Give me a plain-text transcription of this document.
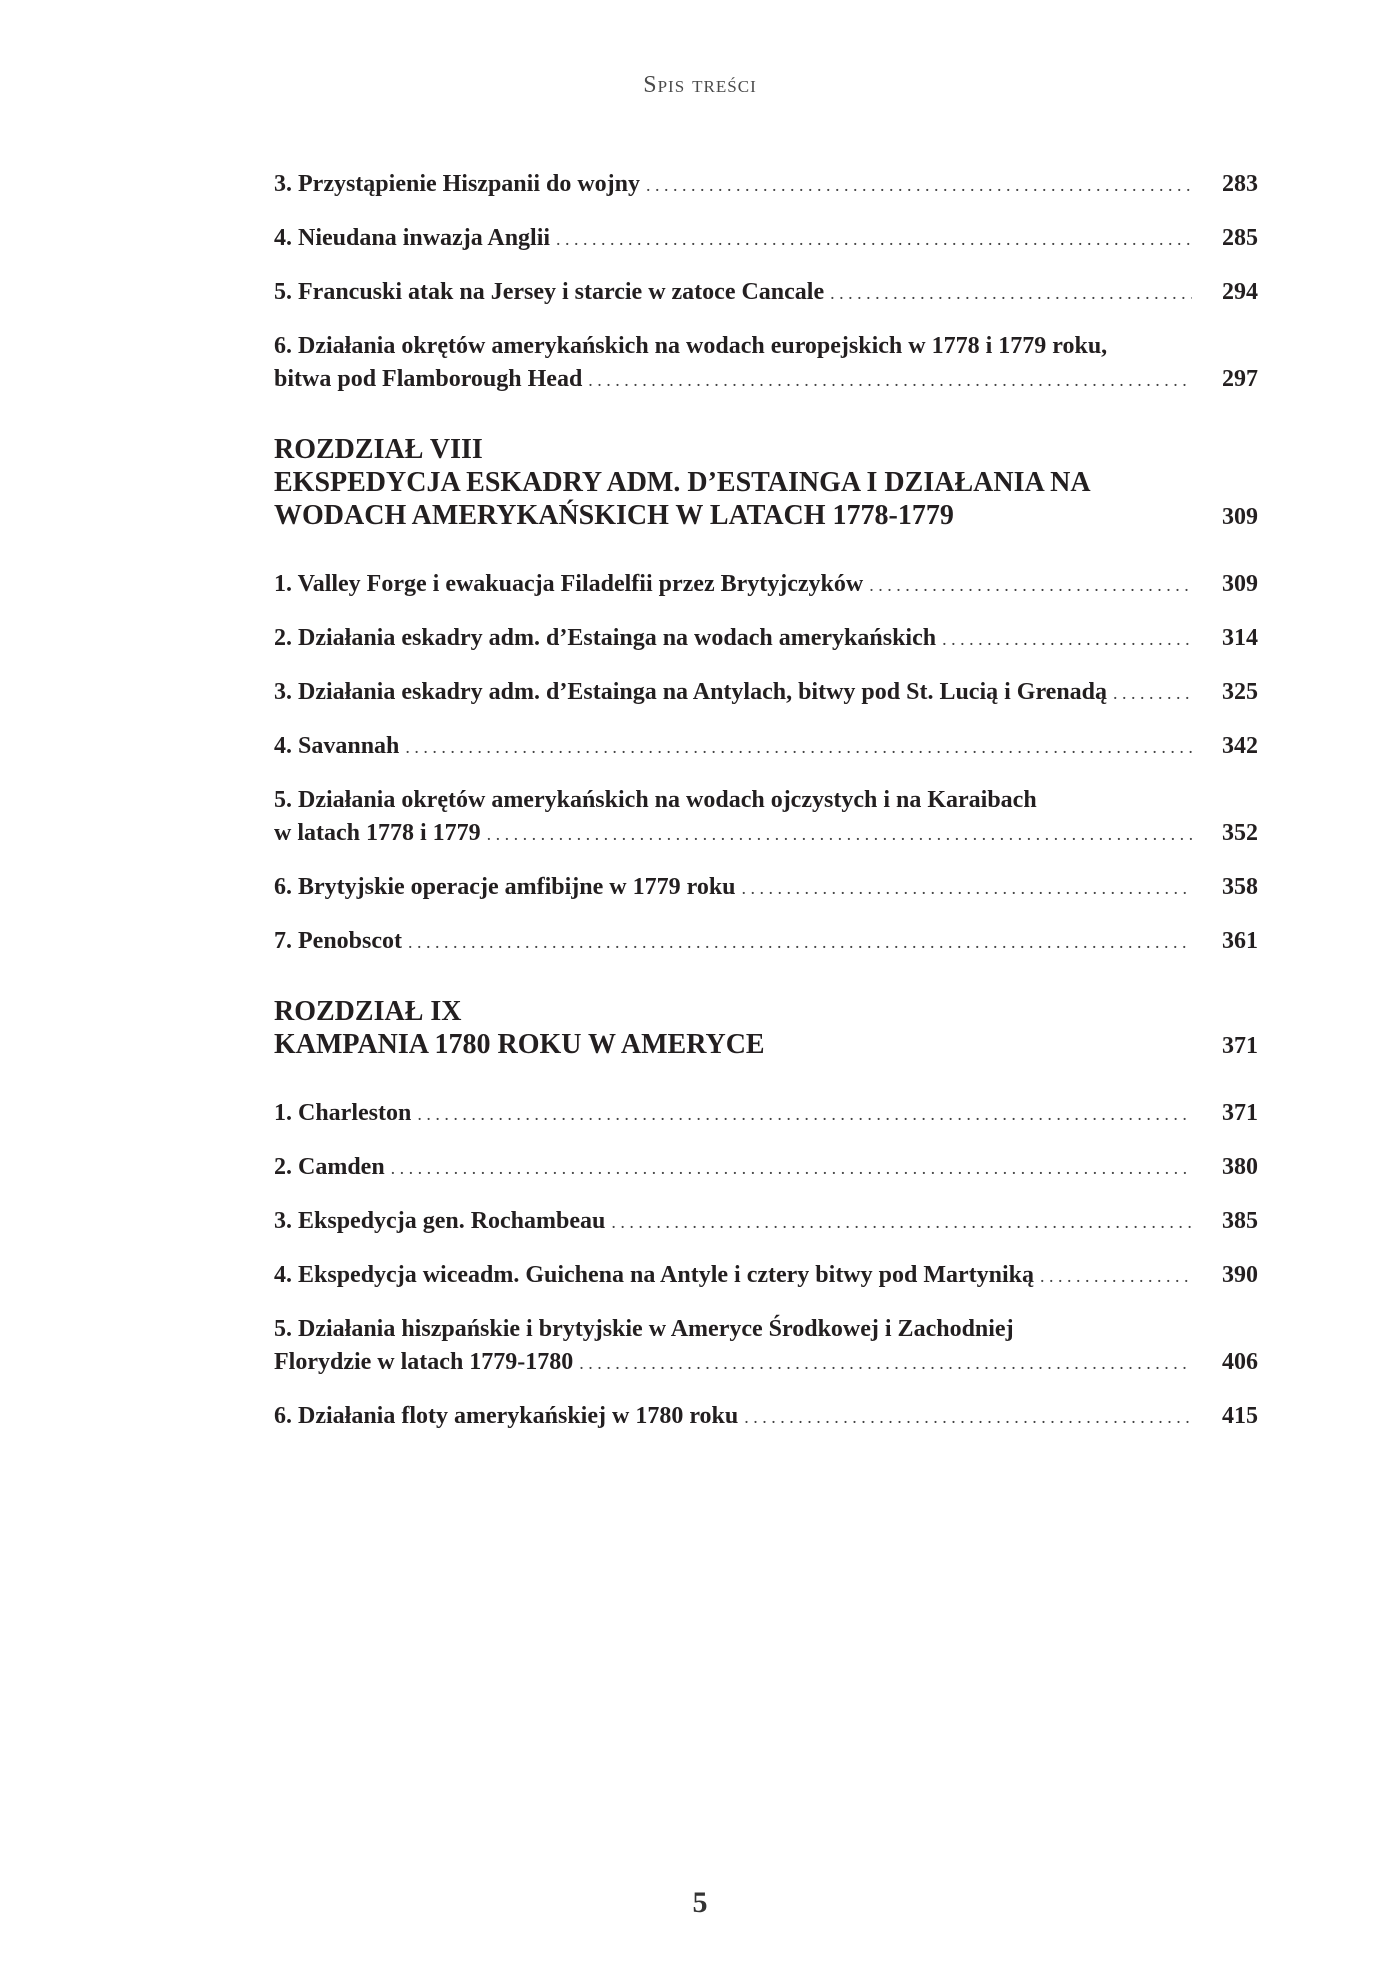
Spis treści
3. Przystąpienie Hiszpanii do wojny . . .	283
4. Nieudana inwazja Anglii . . .	285
5. Francuski atak na Jersey i starcie w zatoce Cancale . . .	294
6. Działania okrętów amerykańskich na wodach europejskich w 1778 i 1779 roku,
bitwa pod Flamborough Head . . .	297
ROZDZIAŁ VIII
EKSPEDYCJA ESKADRY ADM. D’ESTAINGA I DZIAŁANIA NA
WODACH AMERYKAŃSKICH W LATACH 1778-1779	309
1. Valley Forge i ewakuacja Filadelfii przez Brytyjczyków . . .	309
2. Działania eskadry adm. d’Estainga na wodach amerykańskich . . .	314
3. Działania eskadry adm. d’Estainga na Antylach, bitwy pod St. Lucią i Grenadą . . .	325
4. Savannah . . .	342
5. Działania okrętów amerykańskich na wodach ojczystych i na Karaibach
w latach 1778 i 1779 . . .	352
6. Brytyjskie operacje amfibijne w 1779 roku . . .	358
7. Penobscot . . .	361
ROZDZIAŁ IX
KAMPANIA 1780 ROKU W AMERYCE	371
1. Charleston . . .	371
2. Camden . . .	380
3. Ekspedycja gen. Rochambeau . . .	385
4. Ekspedycja wiceadm. Guichena na Antyle i cztery bitwy pod Martyniką . . .	390
5. Działania hiszpańskie i brytyjskie w Ameryce Środkowej i Zachodniej
Florydzie w latach 1779-1780 . . .	406
6. Działania floty amerykańskiej w 1780 roku . . .	415
5
